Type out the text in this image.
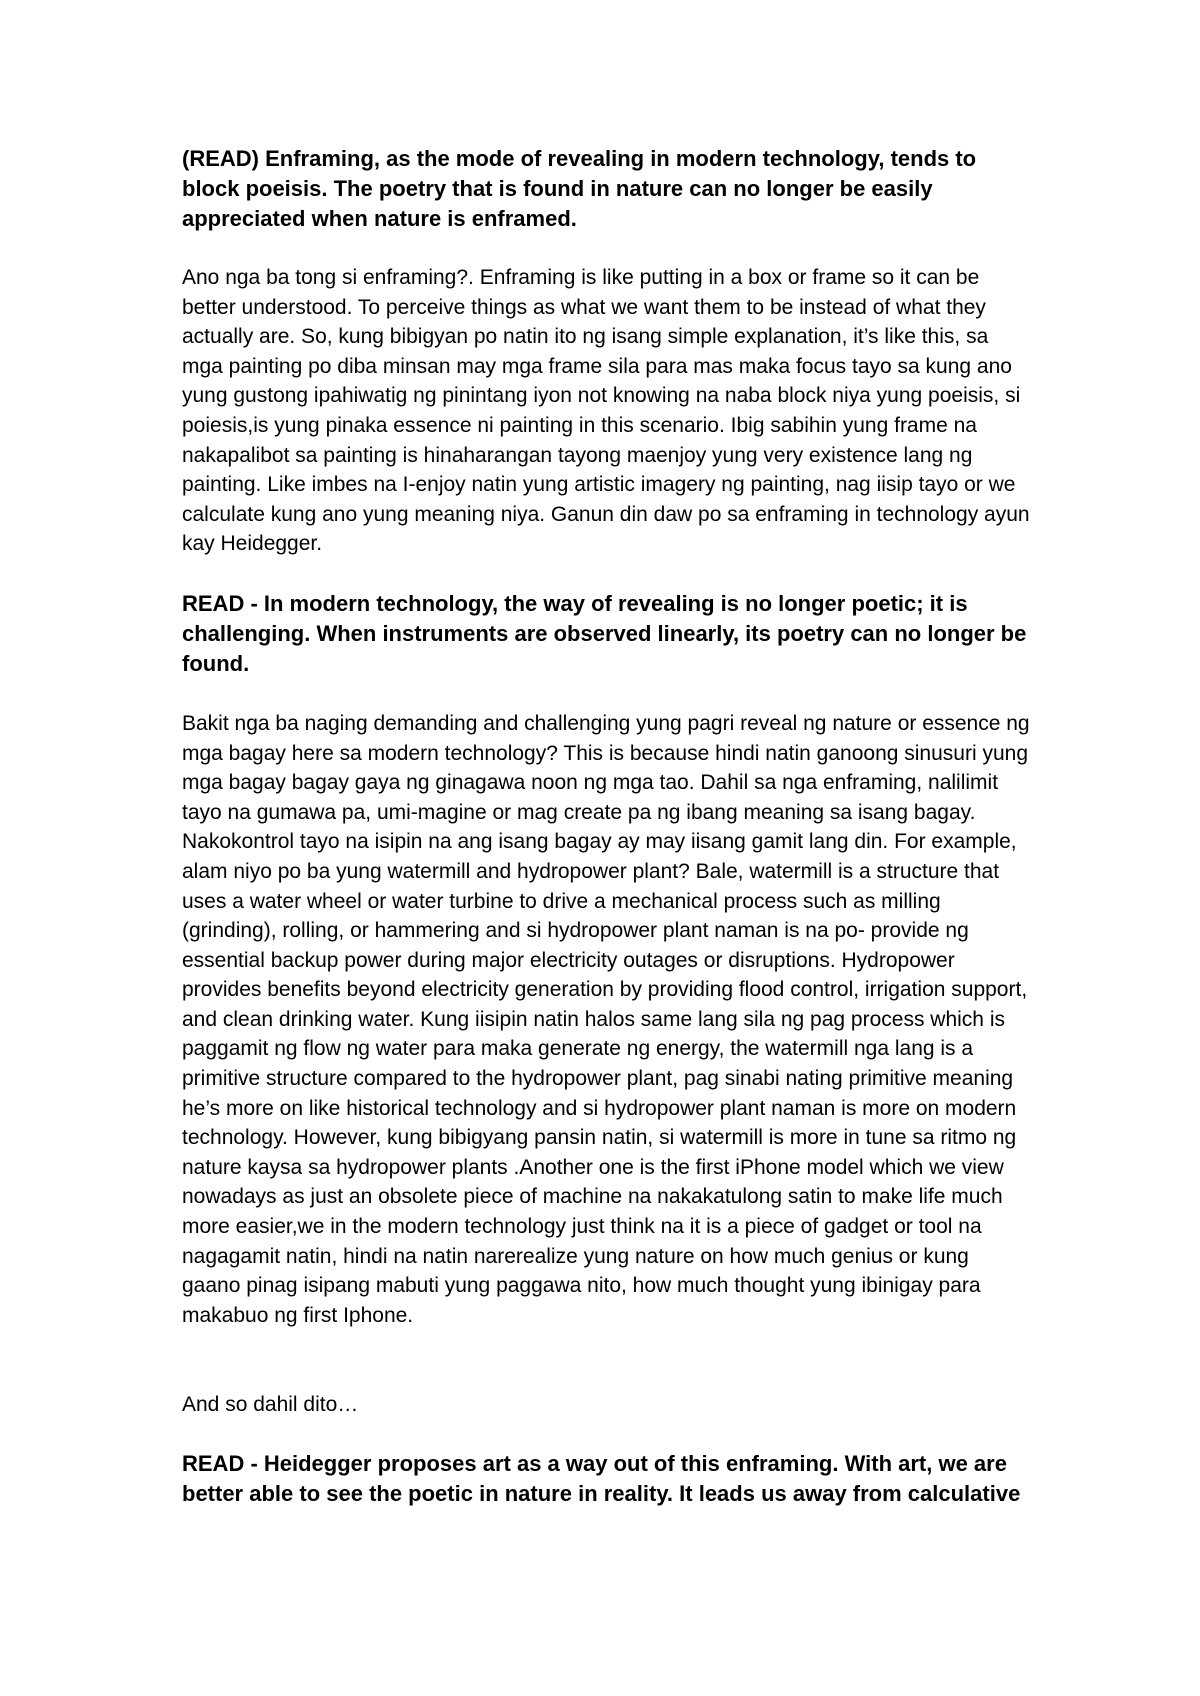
(READ) Enframing, as the mode of revealing in modern technology, tends to block poeisis. The poetry that is found in nature can no longer be easily appreciated when nature is enframed.

Ano nga ba tong si enframing?. Enframing is like putting in a box or frame so it can be better understood. To perceive things as what we want them to be instead of what they actually are. So, kung bibigyan po natin ito ng isang simple explanation, it’s like this, sa mga painting po diba minsan may mga frame sila para mas maka focus tayo sa kung ano yung gustong ipahiwatig ng pinintang iyon not knowing na naba block niya yung poeisis, si poiesis,is yung pinaka essence ni painting in this scenario. Ibig sabihin yung frame na nakapalibot sa painting is hinaharangan tayong maenjoy yung very existence lang ng painting. Like imbes na I-enjoy natin yung artistic imagery ng painting, nag iisip tayo or we calculate kung ano yung meaning niya. Ganun din daw po sa enframing in technology ayun kay Heidegger.

READ - In modern technology, the way of revealing is no longer poetic; it is challenging. When instruments are observed linearly, its poetry can no longer be found.

Bakit nga ba naging demanding and challenging yung pagri reveal ng nature or essence ng mga bagay here sa modern technology? This is because hindi natin ganoong sinusuri yung mga bagay bagay gaya ng ginagawa noon ng mga tao. Dahil sa nga enframing, nalilimit tayo na gumawa pa, umi-magine or mag create pa ng ibang meaning sa isang bagay. Nakokontrol tayo na isipin na ang isang bagay ay may iisang gamit lang din. For example, alam niyo po ba yung watermill and hydropower plant? Bale, watermill is a structure that uses a water wheel or water turbine to drive a mechanical process such as milling (grinding), rolling, or hammering and si hydropower plant naman is na po- provide ng essential backup power during major electricity outages or disruptions. Hydropower provides benefits beyond electricity generation by providing flood control, irrigation support, and clean drinking water. Kung iisipin natin halos same lang sila ng pag process which is paggamit ng flow ng water para maka generate ng energy, the watermill nga lang is a primitive structure compared to the hydropower plant, pag sinabi nating primitive meaning he’s more on like historical technology and si hydropower plant naman is more on modern technology. However, kung bibigyang pansin natin, si watermill is more in tune sa ritmo ng nature kaysa sa hydropower plants .Another one is the first iPhone model which we view nowadays as just an obsolete piece of machine na nakakatulong satin to make life much more easier,we in the modern technology just think na it is a piece of gadget or tool na nagagamit natin, hindi na natin narerealize yung nature on how much genius or kung gaano pinag isipang mabuti yung paggawa nito, how much thought yung ibinigay para makabuo ng first Iphone.

And so dahil dito…

READ - Heidegger proposes art as a way out of this enframing. With art, we are better able to see the poetic in nature in reality. It leads us away from calculative
